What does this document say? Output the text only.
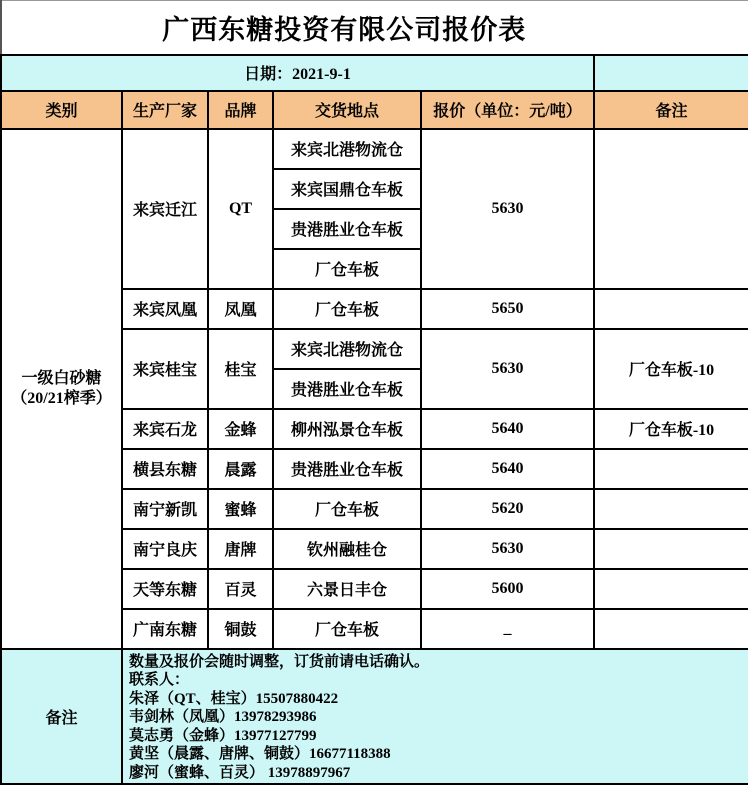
广西东糖投资有限公司报价表					
日期：2021-9-1					
类别	生产厂家	品牌	交货地点	报价（单位：元/吨）	备注

一级白砂糖
（20/21榨季）	来宾迁江	QT	来宾北港物流仓	5630	
			来宾国鼎仓车板		
			贵港胜业仓车板		
			厂仓车板		
	来宾凤凰	凤凰	厂仓车板	5650	
	来宾桂宝	桂宝	来宾北港物流仓	5630	厂仓车板-10
			贵港胜业仓车板		
	来宾石龙	金蜂	柳州泓景仓车板	5640	厂仓车板-10
	横县东糖	晨露	贵港胜业仓车板	5640	
	南宁新凯	蜜蜂	厂仓车板	5620	
	南宁良庆	唐牌	钦州融桂仓	5630	
	天等东糖	百灵	六景日丰仓	5600	
	广南东糖	铜鼓	厂仓车板	_	
备注	
数量及报价会随时调整，订货前请电话确认。
联系人：
朱泽（QT、桂宝）15507880422
韦剑林（凤凰）13978293986
莫志勇（金蜂）13977127799
黄坚（晨露、唐牌、铜鼓）16677118388
廖河（蜜蜂、百灵） 13978897967
